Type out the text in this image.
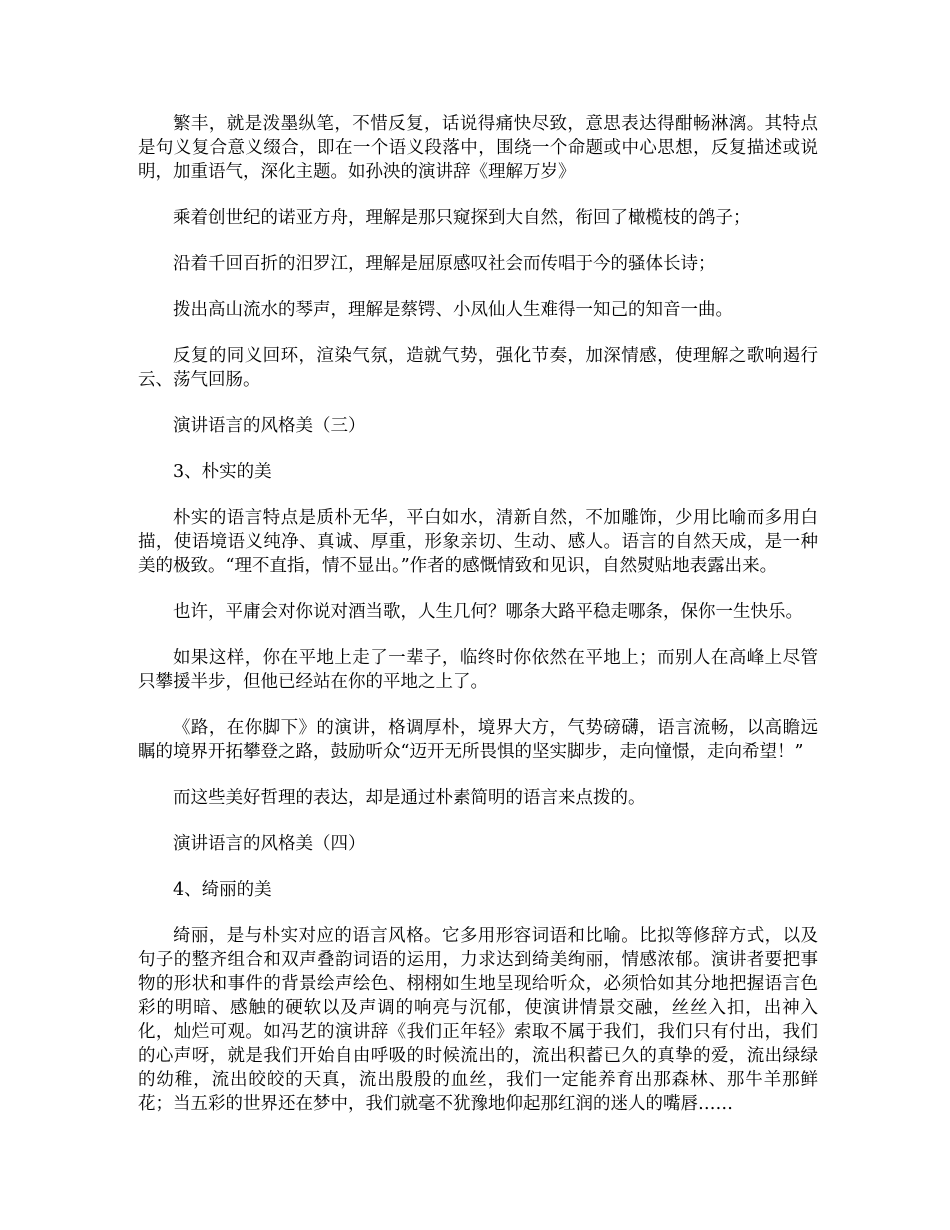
繁丰，就是泼墨纵笔，不惜反复，话说得痛快尽致，意思表达得酣畅淋漓。其特点是句义复合意义缀合，即在一个语义段落中，围绕一个命题或中心思想，反复描述或说明，加重语气，深化主题。如孙泱的演讲辞《理解万岁》

乘着创世纪的诺亚方舟，理解是那只窥探到大自然，衔回了橄榄枝的鸽子；

沿着千回百折的汨罗江，理解是屈原感叹社会而传唱于今的骚体长诗；

拨出高山流水的琴声，理解是蔡锷、小凤仙人生难得一知己的知音一曲。

反复的同义回环，渲染气氛，造就气势，强化节奏，加深情感，使理解之歌响遏行云、荡气回肠。

演讲语言的风格美（三）

3、朴实的美

朴实的语言特点是质朴无华，平白如水，清新自然，不加雕饰，少用比喻而多用白描，使语境语义纯净、真诚、厚重，形象亲切、生动、感人。语言的自然天成，是一种美的极致。“理不直指，情不显出。”作者的感慨情致和见识，自然熨贴地表露出来。

也许，平庸会对你说对酒当歌，人生几何？哪条大路平稳走哪条，保你一生快乐。

如果这样，你在平地上走了一辈子，临终时你依然在平地上；而别人在高峰上尽管只攀援半步，但他已经站在你的平地之上了。

《路，在你脚下》的演讲，格调厚朴，境界大方，气势磅礴，语言流畅，以高瞻远瞩的境界开拓攀登之路，鼓励听众“迈开无所畏惧的坚实脚步，走向憧憬，走向希望！”

而这些美好哲理的表达，却是通过朴素简明的语言来点拨的。

演讲语言的风格美（四）

4、绮丽的美

绮丽，是与朴实对应的语言风格。它多用形容词语和比喻。比拟等修辞方式，以及句子的整齐组合和双声叠韵词语的运用，力求达到绮美绚丽，情感浓郁。演讲者要把事物的形状和事件的背景绘声绘色、栩栩如生地呈现给听众，必须恰如其分地把握语言色彩的明暗、感触的硬软以及声调的响亮与沉郁，使演讲情景交融，丝丝入扣，出神入化，灿烂可观。如冯艺的演讲辞《我们正年轻》索取不属于我们，我们只有付出，我们的心声呀，就是我们开始自由呼吸的时候流出的，流出积蓄已久的真挚的爱，流出绿绿的幼稚，流出皎皎的天真，流出殷殷的血丝，我们一定能养育出那森林、那牛羊那鲜花；当五彩的世界还在梦中，我们就毫不犹豫地仰起那红润的迷人的嘴唇……
